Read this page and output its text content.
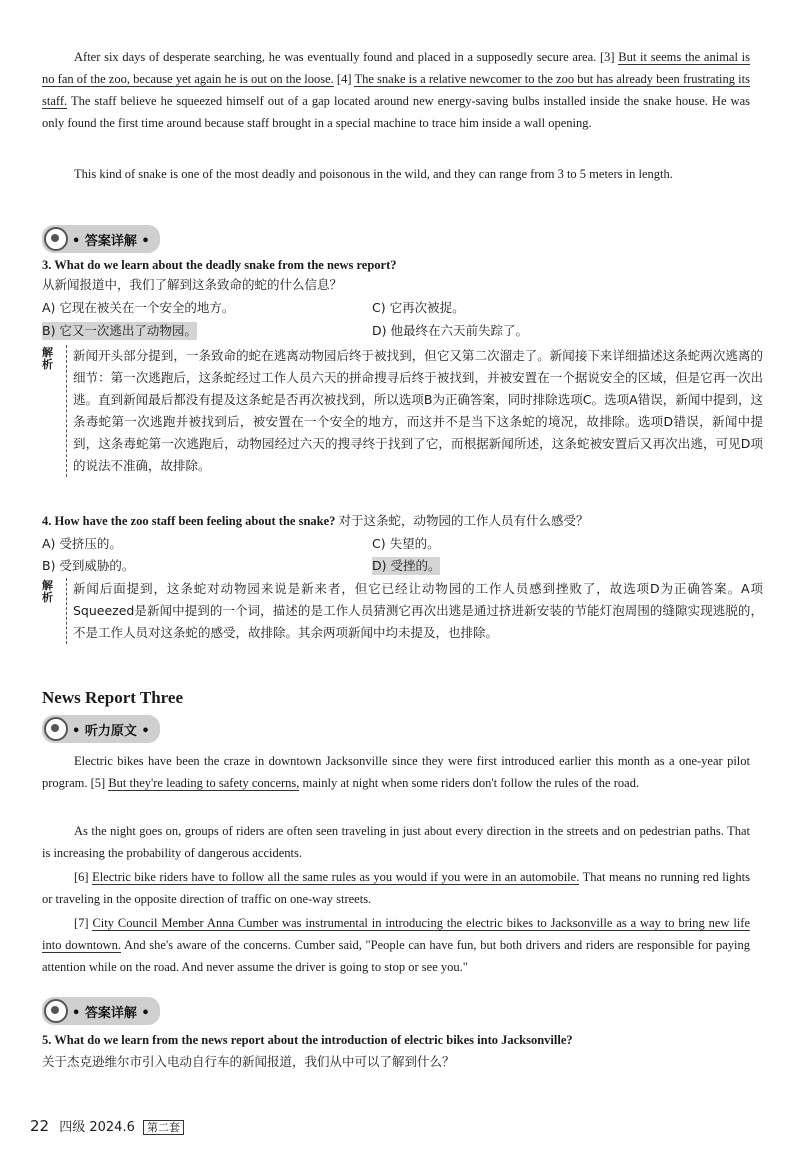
After six days of desperate searching, he was eventually found and placed in a supposedly secure area. [3] But it seems the animal is no fan of the zoo, because yet again he is out on the loose. [4] The snake is a relative newcomer to the zoo but has already been frustrating its staff. The staff believe he squeezed himself out of a gap located around new energy-saving bulbs installed inside the snake house. He was only found the first time around because staff brought in a special machine to trace him inside a wall opening.

This kind of snake is one of the most deadly and poisonous in the wild, and they can range from 3 to 5 meters in length.

• 答案详解 •

3. What do we learn about the deadly snake from the news report?

从新闻报道中，我们了解到这条致命的蛇的什么信息？

A) 它现在被关在一个安全的地方。	C) 它再次被捉。
B) 它又一次逃出了动物园。	D) 他最终在六天前失踪了。
解析

新闻开头部分提到，一条致命的蛇在逃离动物园后终于被找到，但它又第二次溜走了。新闻接下来详细描述这条蛇两次逃离的细节：第一次逃跑后，这条蛇经过工作人员六天的拼命搜寻后终于被找到，并被安置在一个据说安全的区域，但是它再一次出逃。直到新闻最后都没有提及这条蛇是否再次被找到，所以选项B为正确答案，同时排除选项C。选项A错误，新闻中提到，这条毒蛇第一次逃跑并被找到后，被安置在一个安全的地方，而这并不是当下这条蛇的境况，故排除。选项D错误，新闻中提到，这条毒蛇第一次逃跑后，动物园经过六天的搜寻终于找到了它，而根据新闻所述，这条蛇被安置后又再次出逃，可见D项的说法不准确，故排除。

4. How have the zoo staff been feeling about the snake? 对于这条蛇，动物园的工作人员有什么感受？

A) 受挤压的。	C) 失望的。
B) 受到威胁的。	D) 受挫的。
解析

新闻后面提到，这条蛇对动物园来说是新来者，但它已经让动物园的工作人员感到挫败了，故选项D为正确答案。A项Squeezed是新闻中提到的一个词，描述的是工作人员猜测它再次出逃是通过挤进新安装的节能灯泡周围的缝隙实现逃脱的，不是工作人员对这条蛇的感受，故排除。其余两项新闻中均未提及，也排除。

News Report Three

• 听力原文 •

Electric bikes have been the craze in downtown Jacksonville since they were first introduced earlier this month as a one-year pilot program. [5] But they're leading to safety concerns, mainly at night when some riders don't follow the rules of the road.

As the night goes on, groups of riders are often seen traveling in just about every direction in the streets and on pedestrian paths. That is increasing the probability of dangerous accidents.

[6] Electric bike riders have to follow all the same rules as you would if you were in an automobile. That means no running red lights or traveling in the opposite direction of traffic on one-way streets.

[7] City Council Member Anna Cumber was instrumental in introducing the electric bikes to Jacksonville as a way to bring new life into downtown. And she's aware of the concerns. Cumber said, "People can have fun, but both drivers and riders are responsible for paying attention while on the road. And never assume the driver is going to stop or see you."

• 答案详解 •

5. What do we learn from the news report about the introduction of electric bikes into Jacksonville?

关于杰克逊维尔市引入电动自行车的新闻报道，我们从中可以了解到什么？

22 四级 2024.6 第二套
